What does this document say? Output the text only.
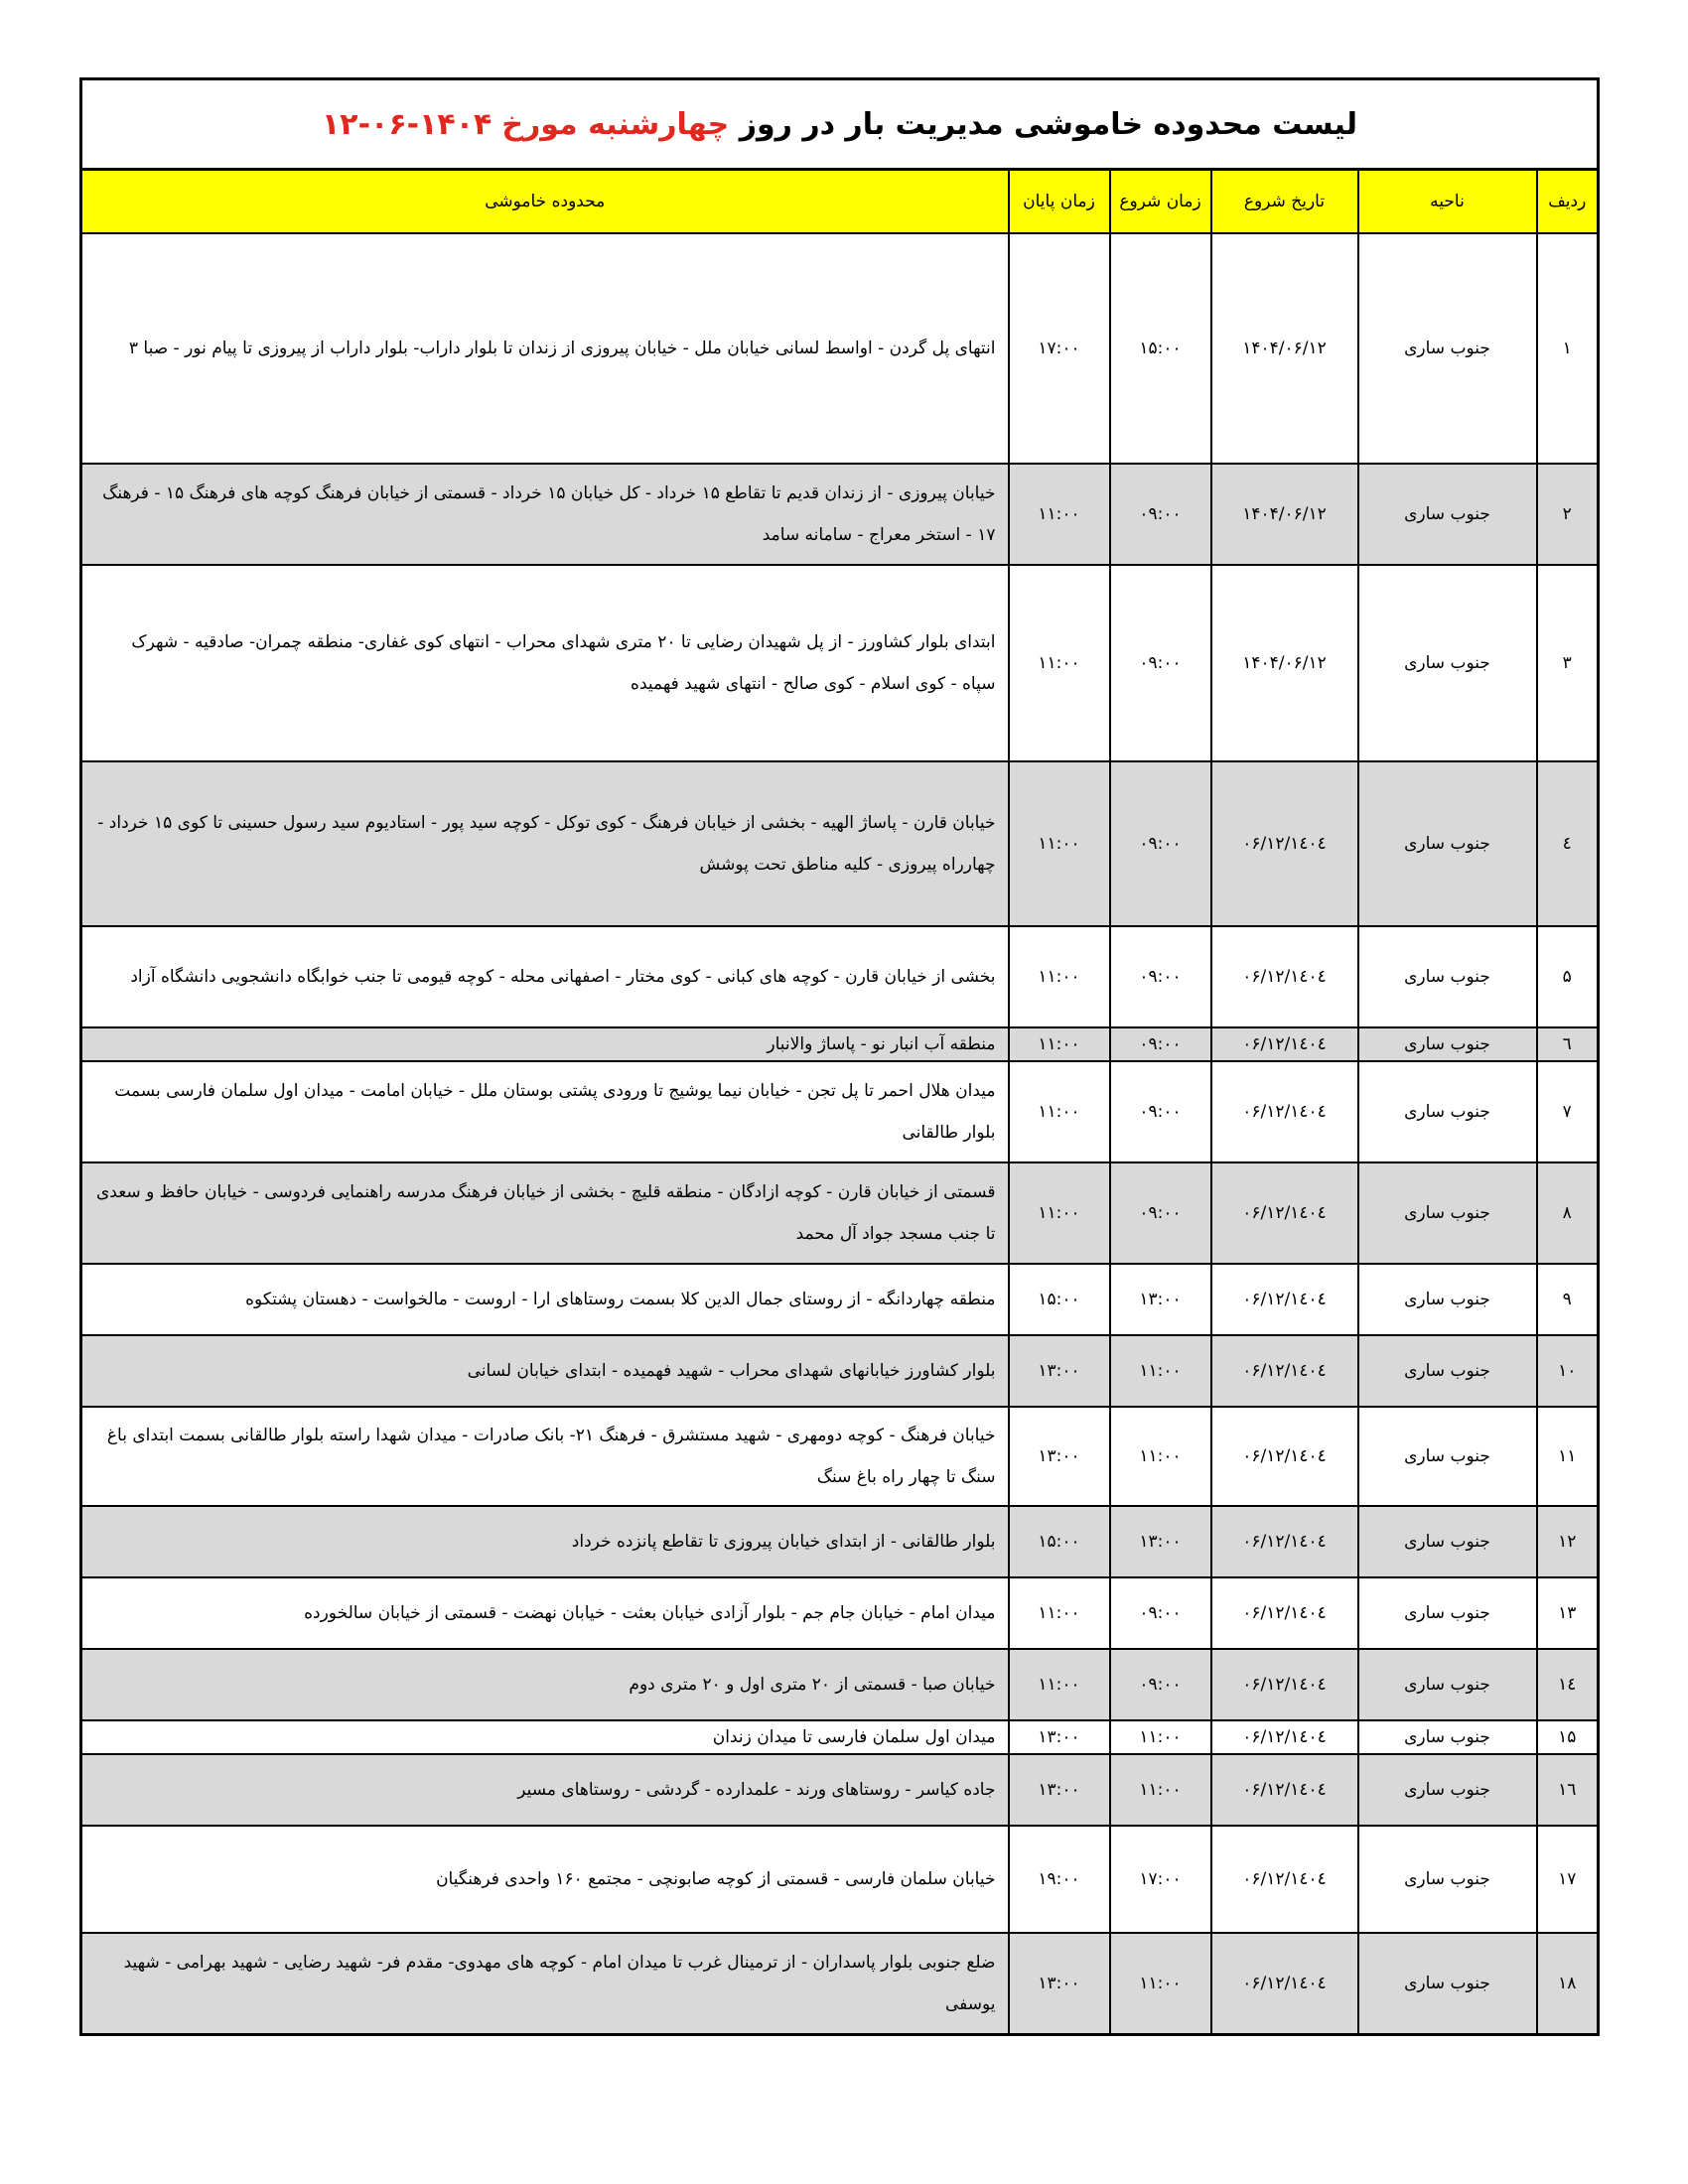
لیست محدوده خاموشی مدیریت بار در روز

چهارشنبه

مورخ
۱۲-۰۶-۱۴۰۴
ردیف	ناحیه	تاریخ شروع	زمان شروع	زمان پایان	محدوده خاموشی
۱	جنوب ساری	۱۴۰۴/۰۶/۱۲	۱۵:۰۰	۱۷:۰۰	انتهای پل گردن - اواسط لسانی خیابان ملل - خیابان پیروزی از زندان تا بلوار داراب- بلوار داراب از پیروزی تا پیام نور - صبا ۳
۲	جنوب ساری	۱۴۰۴/۰۶/۱۲	۰۹:۰۰	۱۱:۰۰	خیابان پیروزی - از زندان قدیم تا تقاطع ۱۵ خرداد - کل خیابان ۱۵ خرداد - قسمتی از خیابان فرهنگ کوچه های فرهنگ ۱۵ - فرهنگ ۱۷ - استخر معراج - سامانه سامد
۳	جنوب ساری	۱۴۰۴/۰۶/۱۲	۰۹:۰۰	۱۱:۰۰	ابتدای بلوار کشاورز - از پل شهیدان رضایی تا ۲۰ متری شهدای محراب - انتهای کوی غفاری- منطقه چمران- صادقیه - شهرک سپاه - کوی اسلام - کوی صالح - انتهای شهید فهمیده
٤	جنوب ساری	۱٤۰٤/۰۶/۱۲	۰۹:۰۰	۱۱:۰۰	خیابان قارن - پاساژ الهیه - بخشی از خیابان فرهنگ - کوی توکل - کوچه سید پور - استادیوم سید رسول حسینی تا کوی ۱۵ خرداد - چهارراه پیروزی - کلیه مناطق تحت پوشش
۵	جنوب ساری	۱٤۰٤/۰۶/۱۲	۰۹:۰۰	۱۱:۰۰	بخشی از خیابان قارن - کوچه های کبانی - کوی مختار - اصفهانی محله - کوچه قیومی تا جنب خوابگاه دانشجویی دانشگاه آزاد
٦	جنوب ساری	۱٤۰٤/۰۶/۱۲	۰۹:۰۰	۱۱:۰۰	منطقه آب انبار نو - پاساژ والانبار
۷	جنوب ساری	۱٤۰٤/۰۶/۱۲	۰۹:۰۰	۱۱:۰۰	میدان هلال احمر تا پل تجن - خیابان نیما یوشیج تا ورودی پشتی بوستان ملل - خیابان امامت - میدان اول سلمان فارسی بسمت بلوار طالقانی
۸	جنوب ساری	۱٤۰٤/۰۶/۱۲	۰۹:۰۰	۱۱:۰۰	قسمتی از خیابان قارن - کوچه ازادگان - منطقه قلیچ - بخشی از خیابان فرهنگ مدرسه راهنمایی فردوسی - خیابان حافظ و سعدی تا جنب مسجد جواد آل محمد
۹	جنوب ساری	۱٤۰٤/۰۶/۱۲	۱۳:۰۰	۱۵:۰۰	منطقه چهاردانگه - از روستای جمال الدین کلا بسمت روستاهای ارا - اروست - مالخواست - دهستان پشتکوه
۱۰	جنوب ساری	۱٤۰٤/۰۶/۱۲	۱۱:۰۰	۱۳:۰۰	بلوار کشاورز خیابانهای شهدای محراب - شهید فهمیده - ابتدای خیابان لسانی
۱۱	جنوب ساری	۱٤۰٤/۰۶/۱۲	۱۱:۰۰	۱۳:۰۰	خیابان فرهنگ - کوچه دومهری - شهید مستشرق - فرهنگ ۲۱- بانک صادرات - میدان شهدا راسته بلوار طالقانی بسمت ابتدای باغ سنگ تا چهار راه باغ سنگ
۱۲	جنوب ساری	۱٤۰٤/۰۶/۱۲	۱۳:۰۰	۱۵:۰۰	بلوار طالقانی - از ابتدای خیابان پیروزی تا تقاطع پانزده خرداد
۱۳	جنوب ساری	۱٤۰٤/۰۶/۱۲	۰۹:۰۰	۱۱:۰۰	میدان امام - خیابان جام جم - بلوار آزادی خیابان بعثت - خیابان نهضت - قسمتی از خیابان سالخورده
۱٤	جنوب ساری	۱٤۰٤/۰۶/۱۲	۰۹:۰۰	۱۱:۰۰	خیابان صبا - قسمتی از ۲۰ متری اول و ۲۰ متری دوم
۱۵	جنوب ساری	۱٤۰٤/۰۶/۱۲	۱۱:۰۰	۱۳:۰۰	میدان اول سلمان فارسی تا میدان زندان
۱٦	جنوب ساری	۱٤۰٤/۰۶/۱۲	۱۱:۰۰	۱۳:۰۰	جاده کیاسر - روستاهای ورند - علمدارده - گردشی - روستاهای مسیر
۱۷	جنوب ساری	۱٤۰٤/۰۶/۱۲	۱۷:۰۰	۱۹:۰۰	خیابان سلمان فارسی - قسمتی از کوچه صابونچی - مجتمع ۱۶۰ واحدی فرهنگیان
۱۸	جنوب ساری	۱٤۰٤/۰۶/۱۲	۱۱:۰۰	۱۳:۰۰	ضلع جنوبی بلوار پاسداران - از ترمینال غرب تا میدان امام - کوچه های مهدوی- مقدم فر- شهید رضایی - شهید بهرامی - شهید یوسفی
